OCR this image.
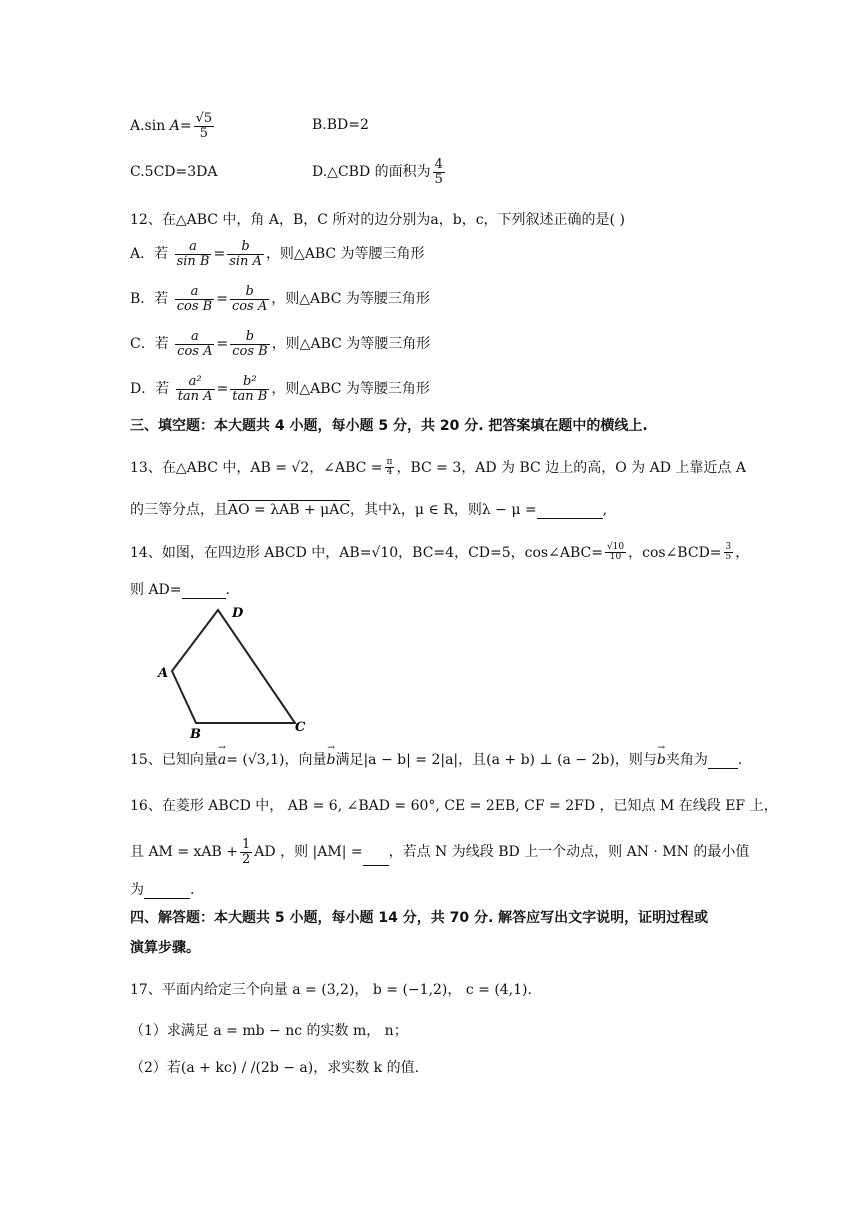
A.sin $A= \frac{√5}{5}$	B.BD=2
C.5CD=3DA	D.△CBD 的面积为 $\frac{4}{5}$
12、在△ABC 中，角 A，B，C 所对的边分别为a，b，c，下列叙述正确的是( )
A．若 $\frac{a}{\text{sin B}} = \frac{b}{\text{sin A}}$ ，则△ABC 为等腰三角形
B．若 $\frac{a}{\text{cos B}} = \frac{b}{\text{cos A}}$ ，则△ABC 为等腰三角形
C．若 $\frac{a}{\text{cos A}} = \frac{b}{\text{cos B}}$ ，则△ABC 为等腰三角形
D．若 $\frac{\text{a²}}{\text{tan A}} = \frac{\text{b²}}{\text{tan B}}$ ，则△ABC 为等腰三角形
三、填空题：本大题共 4 小题，每小题 5 分，共 20 分. 把答案填在题中的横线上.
13、在△ABC 中，AB = √2，∠ABC = $\frac{\pi}{4}$ ，BC = 3，AD 为 BC 边上的高，O 为 AD 上靠近点 A
的三等分点，且AO = λAB + μAC，其中λ，μ ∈ R，则λ − μ =	,
14、如图，在四边形 ABCD 中，AB=√10，BC=4，CD=5，cos∠ABC= $\frac{√10}{10}$ ，cos∠BCD= $\frac{3}{5}$ ，
则 AD=	.
D
A
B	C
15、已知向量→ a= (√3,1)，向量→ b满足|a − b| = 2|a|，且(a + b) ⊥ (a − 2b)，则与→ b夹角为 .
16、在菱形 ABCD 中， AB = 6, ∠BAD = 60°, CE = 2EB, CF = 2FD ，已知点 M 在线段 EF 上，
且 AM = xAB + $\frac{1}{2}$ AD ，则 |AM| = ，若点 N 为线段 BD 上一个动点，则 AN · MN 的最小值
为	.
四、解答题：本大题共 5 小题，每小题 14 分，共 70 分. 解答应写出文字说明，证明过程或
演算步骤。
17、平面内给定三个向量 a = (3,2)， b = (−1,2)， c = (4,1).
（1）求满足 a = mb − nc 的实数 m， n；
（2）若(a + kc) / /(2b − a)，求实数 k 的值.
